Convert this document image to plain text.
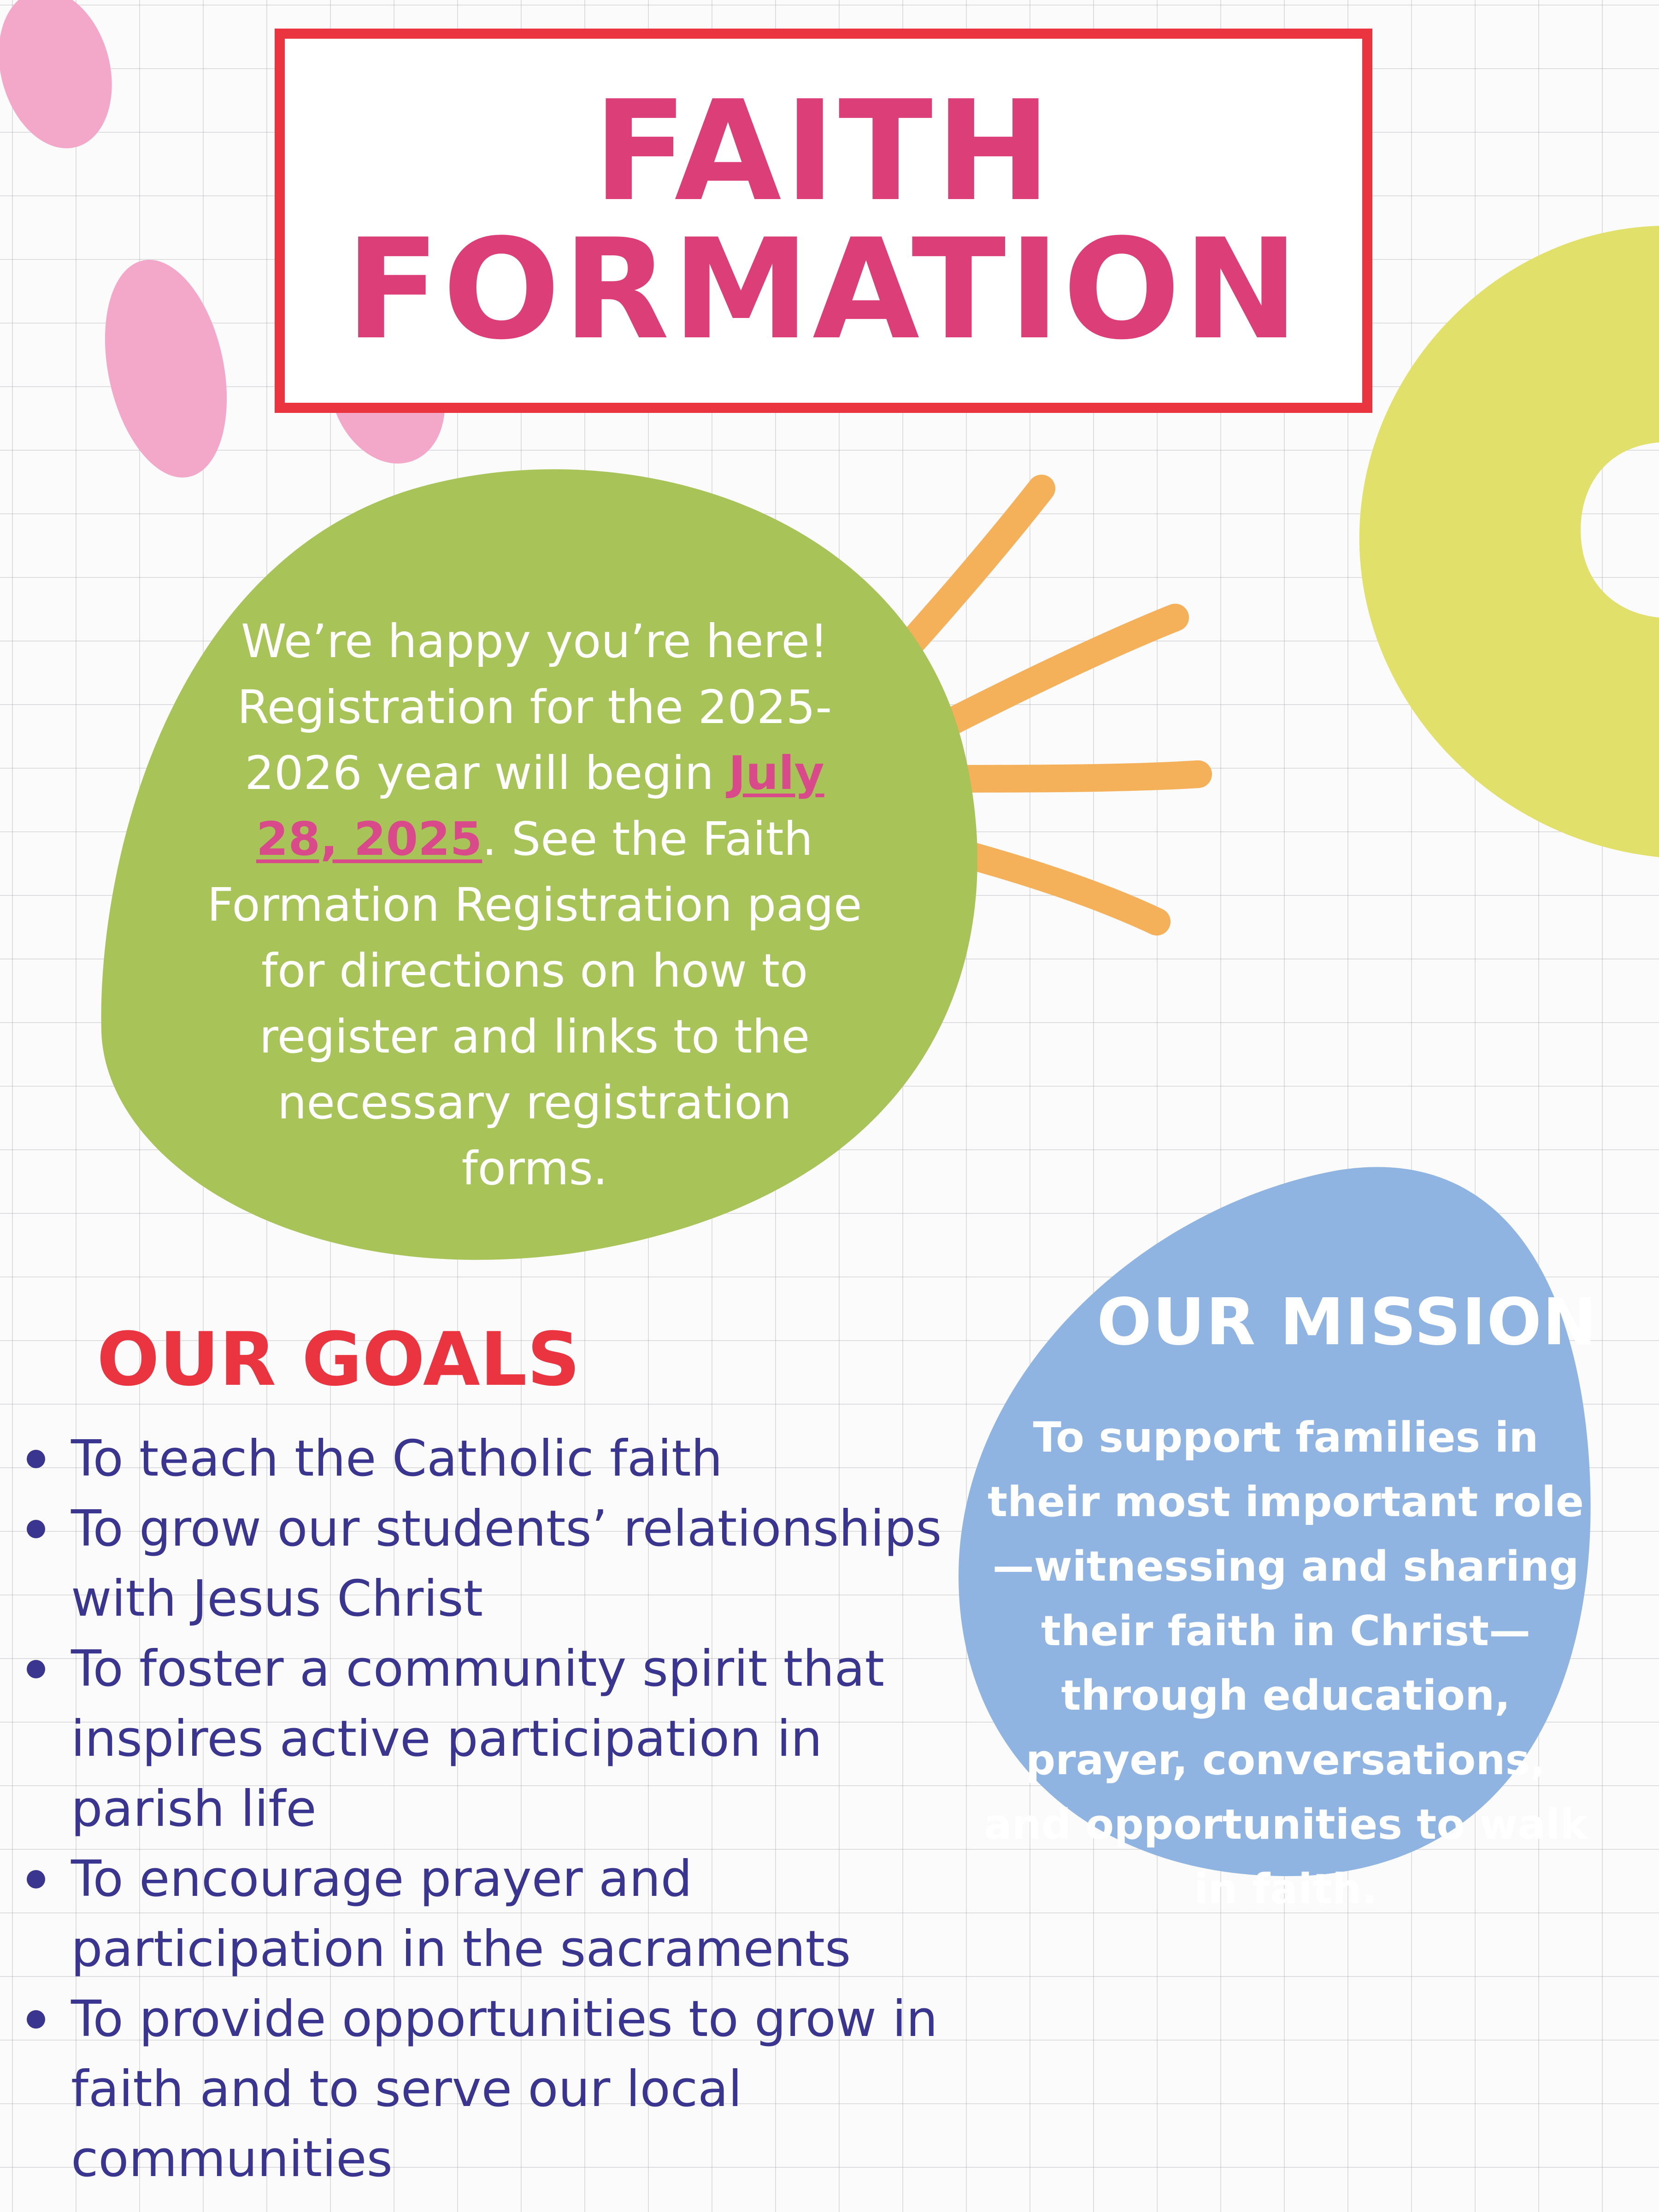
FAITH
FORMATION
We’re happy you’re here! Registration for the 2025-2026 year will begin July 28, 2025. See the Faith Formation Registration page for directions on how to register and links to the necessary registration forms.
OUR GOALS
To teach the Catholic faith
To grow our students’ relationships with Jesus Christ
To foster a community spirit that inspires active participation in parish life
To encourage prayer and participation in the sacraments
To provide opportunities to grow in faith and to serve our local communities
OUR MISSION
To support families in their most important role—witnessing and sharing their faith in Christ—through education, prayer, conversations, and opportunities to walk in faith.
